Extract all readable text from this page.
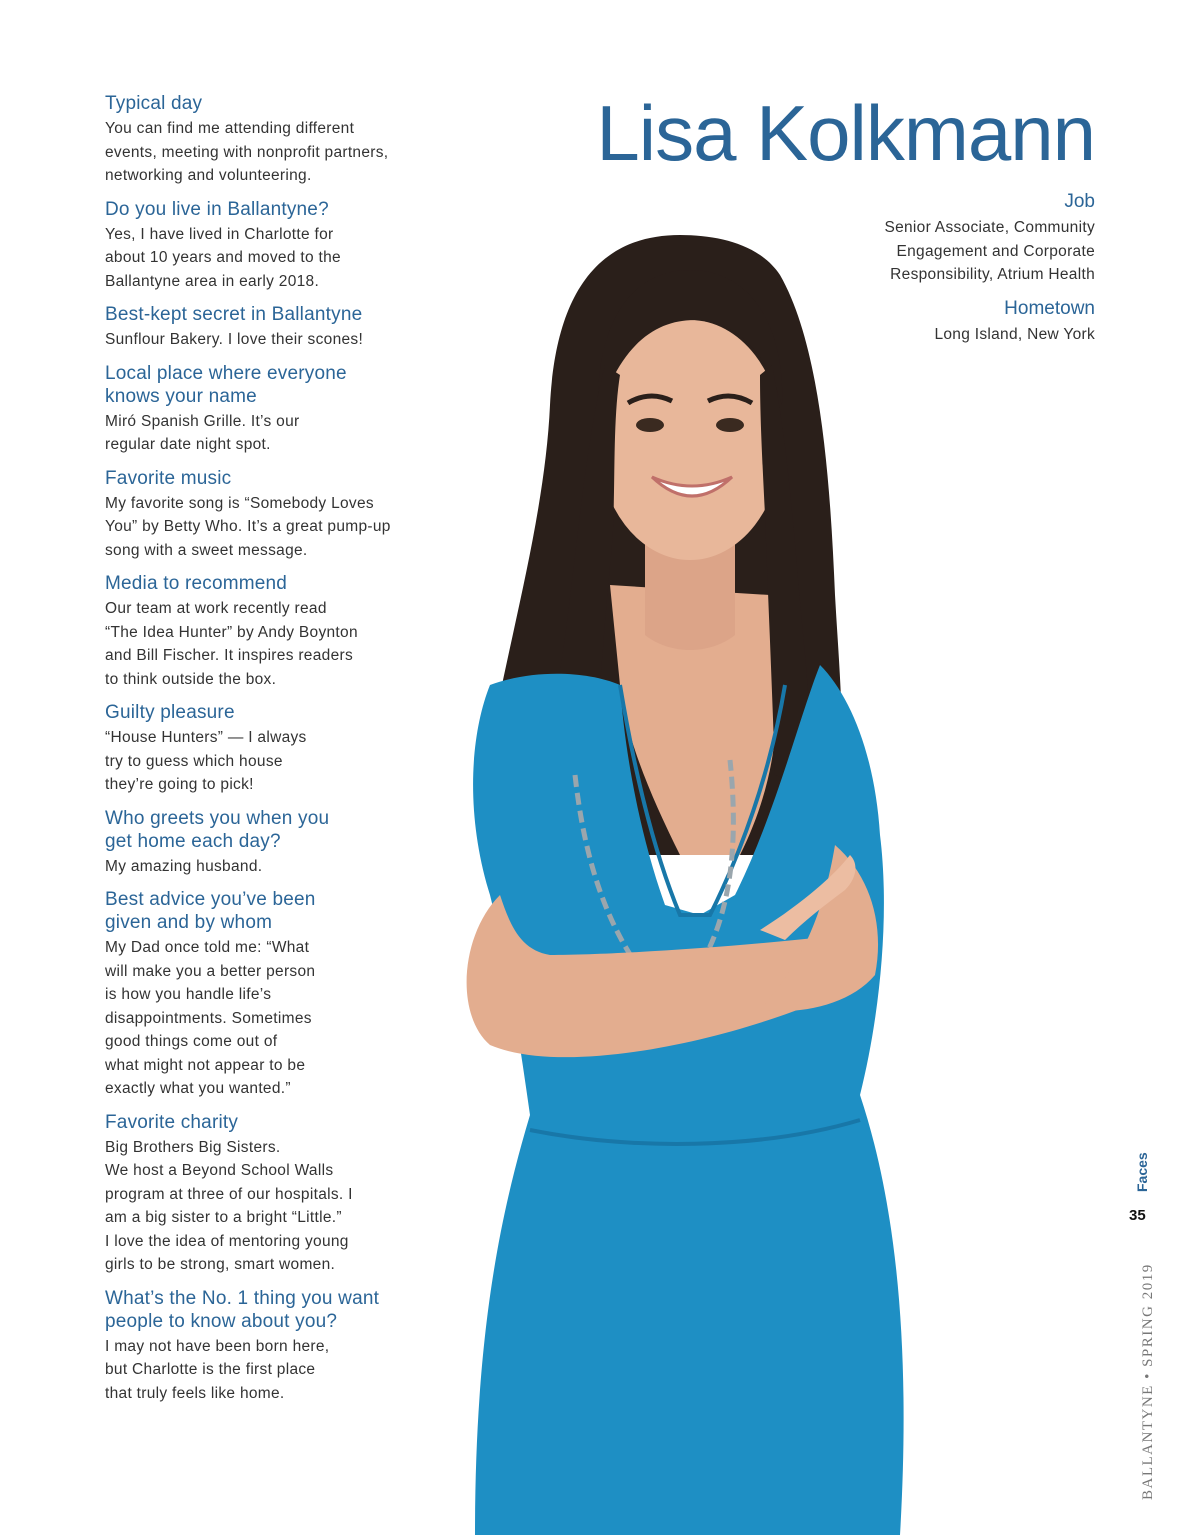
Typical day

You can find me attending different
events, meeting with nonprofit partners,
networking and volunteering.

Do you live in Ballantyne?

Yes, I have lived in Charlotte for
about 10 years and moved to the
Ballantyne area in early 2018.

Best-kept secret in Ballantyne

Sunflour Bakery. I love their scones!

Local place where everyone
knows your name

Miró Spanish Grille. It’s our
regular date night spot.

Favorite music

My favorite song is “Somebody Loves
You” by Betty Who. It’s a great pump-up
song with a sweet message.

Media to recommend

Our team at work recently read
“The Idea Hunter” by Andy Boynton
and Bill Fischer. It inspires readers
to think outside the box.

Guilty pleasure

“House Hunters” — I always
try to guess which house
they’re going to pick!

Who greets you when you
get home each day?

My amazing husband.

Best advice you’ve been
given and by whom

My Dad once told me: “What
will make you a better person
is how you handle life’s
disappointments. Sometimes
good things come out of
what might not appear to be
exactly what you wanted.”

Favorite charity

Big Brothers Big Sisters.
We host a Beyond School Walls
program at three of our hospitals. I
am a big sister to a bright “Little.”
I love the idea of mentoring young
girls to be strong, smart women.

What’s the No. 1 thing you want
people to know about you?

I may not have been born here,
but Charlotte is the first place
that truly feels like home.

Lisa Kolkmann
Job

Senior Associate, Community
Engagement and Corporate
Responsibility, Atrium Health

Hometown

Long Island, New York

BALLANTYNE • SPRING 2019
Faces
35
